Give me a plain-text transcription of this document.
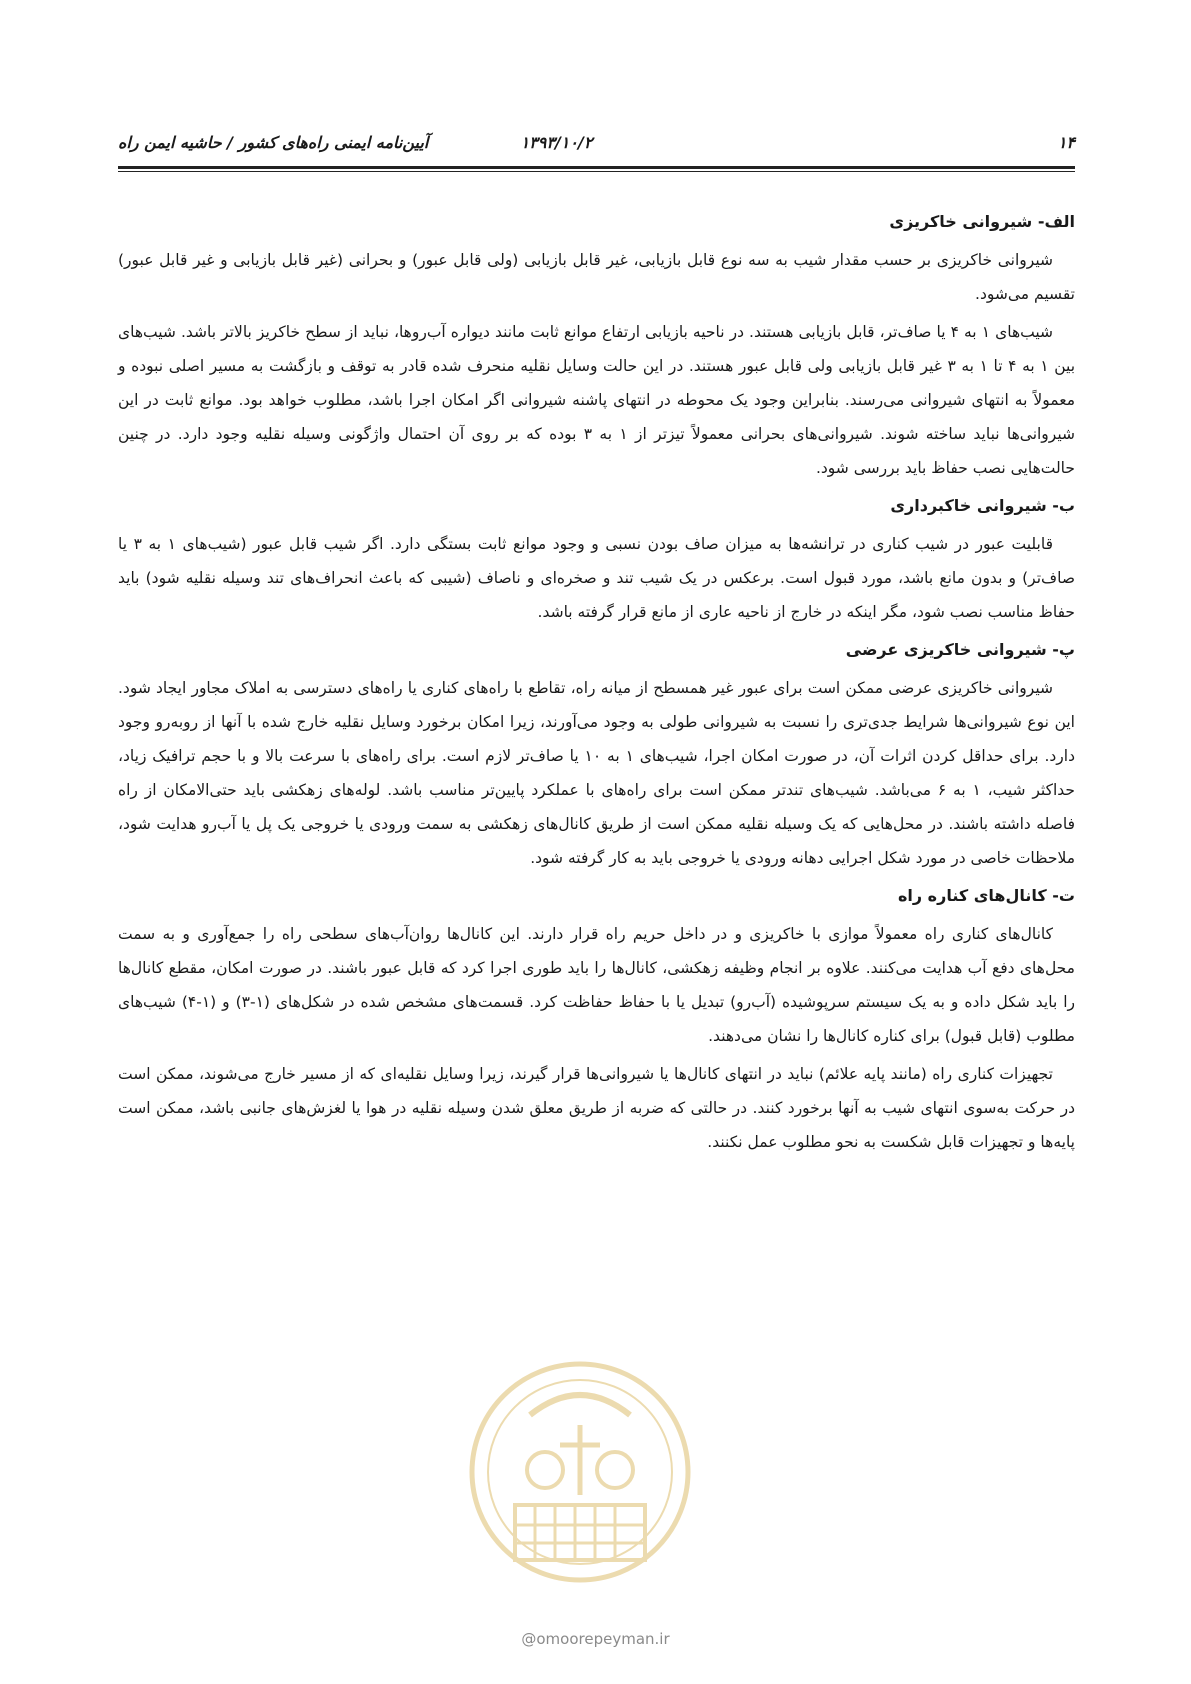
۱۴
۱۳۹۳/۱۰/۲
آیین‌نامه ایمنی راه‌های کشور / حاشیه ایمن راه
الف- شیروانی خاکریزی

شیروانی خاکریزی بر حسب مقدار شیب به سه نوع قابل بازیابی، غیر قابل بازیابی (ولی قابل عبور) و بحرانی (غیر قابل بازیابی و غیر قابل عبور) تقسیم می‌شود.

شیب‌های ۱ به ۴ یا صاف‌تر، قابل بازیابی هستند. در ناحیه بازیابی ارتفاع موانع ثابت مانند دیواره آب‌روها، نباید از سطح خاکریز بالاتر باشد. شیب‌های بین ۱ به ۴ تا ۱ به ۳ غیر قابل بازیابی ولی قابل عبور هستند. در این حالت وسایل نقلیه منحرف شده قادر به توقف و بازگشت به مسیر اصلی نبوده و معمولاً به انتهای شیروانی می‌رسند. بنابراین وجود یک محوطه در انتهای پاشنه شیروانی اگر امکان اجرا باشد، مطلوب خواهد بود. موانع ثابت در این شیروانی‌ها نباید ساخته شوند. شیروانی‌های بحرانی معمولاً تیزتر از ۱ به ۳ بوده که بر روی آن احتمال واژگونی وسیله نقلیه وجود دارد. در چنین حالت‌هایی نصب حفاظ باید بررسی شود.

ب- شیروانی خاکبرداری

قابلیت عبور در شیب کناری در ترانشه‌ها به میزان صاف بودن نسبی و وجود موانع ثابت بستگی دارد. اگر شیب قابل عبور (شیب‌های ۱ به ۳ یا صاف‌تر) و بدون مانع باشد، مورد قبول است. برعکس در یک شیب تند و صخره‌ای و ناصاف (شیبی که باعث انحراف‌های تند وسیله نقلیه شود) باید حفاظ مناسب نصب شود، مگر اینکه در خارج از ناحیه عاری از مانع قرار گرفته باشد.

پ- شیروانی خاکریزی عرضی

شیروانی خاکریزی عرضی ممکن است برای عبور غیر همسطح از میانه راه، تقاطع با راه‌های کناری یا راه‌های دسترسی به املاک مجاور ایجاد شود. این نوع شیروانی‌ها شرایط جدی‌تری را نسبت به شیروانی طولی به وجود می‌آورند، زیرا امکان برخورد وسایل نقلیه خارج شده با آنها از روبه‌رو وجود دارد. برای حداقل کردن اثرات آن، در صورت امکان اجرا، شیب‌های ۱ به ۱۰ یا صاف‌تر لازم است. برای راه‌های با سرعت بالا و با حجم ترافیک زیاد، حداکثر شیب، ۱ به ۶ می‌باشد. شیب‌های تندتر ممکن است برای راه‌های با عملکرد پایین‌تر مناسب باشد. لوله‌های زهکشی باید حتی‌الامکان از راه فاصله داشته باشند. در محل‌هایی که یک وسیله نقلیه ممکن است از طریق کانال‌های زهکشی به سمت ورودی یا خروجی یک پل یا آب‌رو هدایت شود، ملاحظات خاصی در مورد شکل اجرایی دهانه ورودی یا خروجی باید به کار گرفته شود.

ت- کانال‌های کناره راه

کانال‌های کناری راه معمولاً موازی با خاکریزی و در داخل حریم راه قرار دارند. این کانال‌ها روان‌آب‌های سطحی راه را جمع‌آوری و به سمت محل‌های دفع آب هدایت می‌کنند. علاوه بر انجام وظیفه زهکشی، کانال‌ها را باید طوری اجرا کرد که قابل عبور باشند. در صورت امکان، مقطع کانال‌ها را باید شکل داده و به یک سیستم سرپوشیده (آب‌رو) تبدیل یا با حفاظ حفاظت کرد. قسمت‌های مشخص شده در شکل‌های (۱-۳) و (۱-۴) شیب‌های مطلوب (قابل قبول) برای کناره کانال‌ها را نشان می‌دهند.

تجهیزات کناری راه (مانند پایه علائم) نباید در انتهای کانال‌ها یا شیروانی‌ها قرار گیرند، زیرا وسایل نقلیه‌ای که از مسیر خارج می‌شوند، ممکن است در حرکت به‌سوی انتهای شیب به آنها برخورد کنند. در حالتی که ضربه از طریق معلق شدن وسیله نقلیه در هوا یا لغزش‌های جانبی باشد، ممکن است پایه‌ها و تجهیزات قابل شکست به نحو مطلوب عمل نکنند.

@omoorepeyman.ir
